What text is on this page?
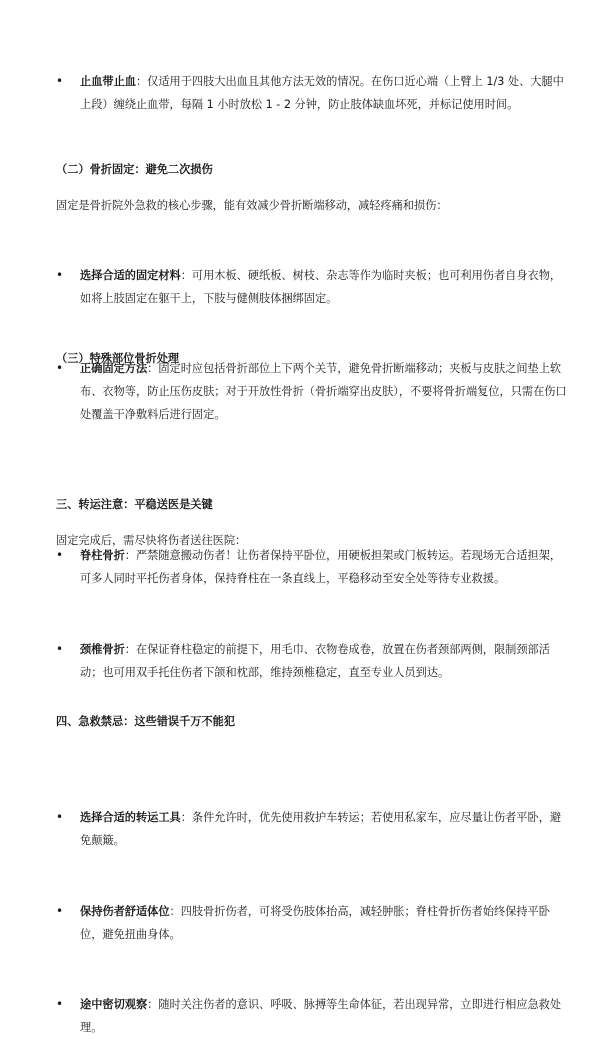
• 止血带止血：仅适用于四肢大出血且其他方法无效的情况。在伤口近心端（上臂上 1/3 处、大腿中上段）缠绕止血带，每隔 1 小时放松 1 - 2 分钟，防止肢体缺血坏死，并标记使用时间。

（二）骨折固定：避免二次损伤
固定是骨折院外急救的核心步骤，能有效减少骨折断端移动，减轻疼痛和损伤：
• 选择合适的固定材料：可用木板、硬纸板、树枝、杂志等作为临时夹板；也可利用伤者自身衣物，如将上肢固定在躯干上，下肢与健侧肢体捆绑固定。

• 正确固定方法：固定时应包括骨折部位上下两个关节，避免骨折断端移动；夹板与皮肤之间垫上软布、衣物等，防止压伤皮肤；对于开放性骨折（骨折端穿出皮肤），不要将骨折端复位，只需在伤口处覆盖干净敷料后进行固定。

（三）特殊部位骨折处理
• 脊柱骨折：严禁随意搬动伤者！让伤者保持平卧位，用硬板担架或门板转运。若现场无合适担架，可多人同时平托伤者身体，保持脊柱在一条直线上，平稳移动至安全处等待专业救援。

• 颈椎骨折：在保证脊柱稳定的前提下，用毛巾、衣物卷成卷，放置在伤者颈部两侧，限制颈部活动；也可用双手托住伤者下颌和枕部，维持颈椎稳定，直至专业人员到达。

三、转运注意：平稳送医是关键
固定完成后，需尽快将伤者送往医院：
• 选择合适的转运工具：条件允许时，优先使用救护车转运；若使用私家车，应尽量让伤者平卧，避免颠簸。

• 保持伤者舒适体位：四肢骨折伤者，可将受伤肢体抬高，减轻肿胀；脊柱骨折伤者始终保持平卧位，避免扭曲身体。

• 途中密切观察：随时关注伤者的意识、呼吸、脉搏等生命体征，若出现异常，立即进行相应急救处理。

四、急救禁忌：这些错误千万不能犯
